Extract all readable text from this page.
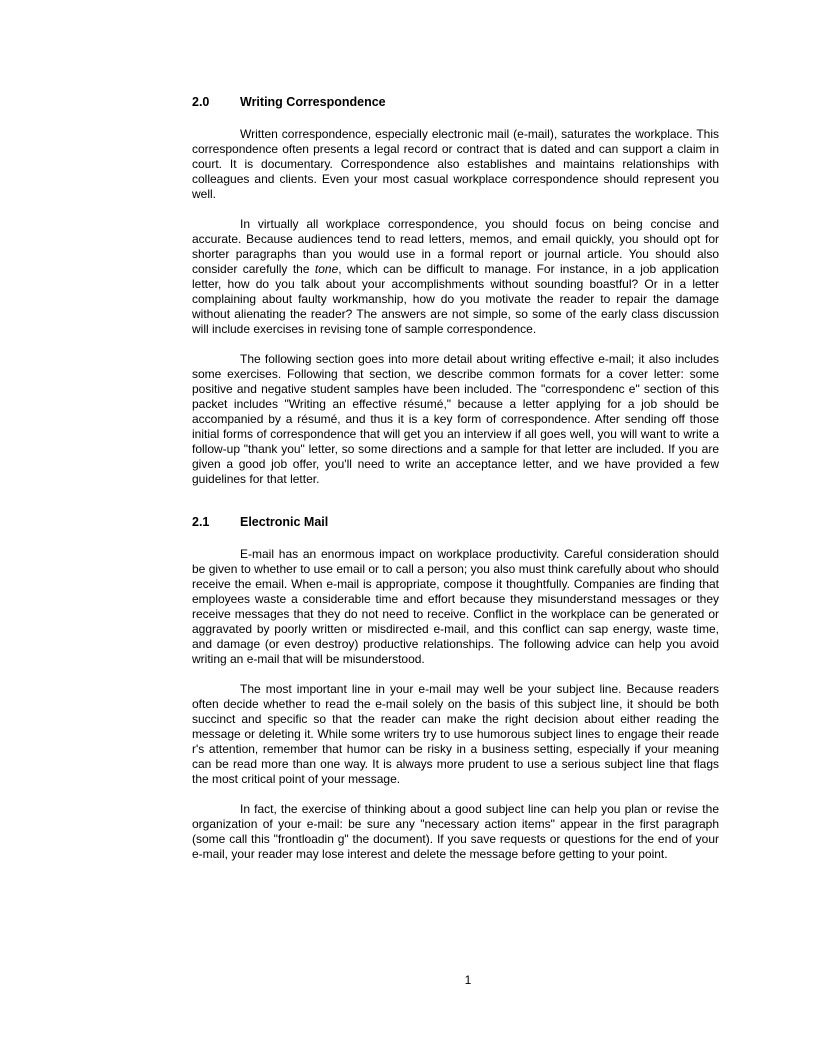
2.0	Writing Correspondence

Written correspondence, especially electronic mail (e-mail), saturates the workplace. This correspondence often presents a legal record or contract that is dated and can support a claim in court. It is documentary. Correspondence also establishes and maintains relationships with colleagues and clients. Even your most casual workplace correspondence should represent you well.

In virtually all workplace correspondence, you should focus on being concise and accurate. Because audiences tend to read letters, memos, and email quickly, you should opt for shorter paragraphs than you would use in a formal report or journal article. You should also consider carefully the tone, which can be difficult to manage. For instance, in a job application letter, how do you talk about your accomplishments without sounding boastful? Or in a letter complaining about faulty workmanship, how do you motivate the reader to repair the damage without alienating the reader? The answers are not simple, so some of the early class discussion will include exercises in revising tone of sample correspondence.

The following section goes into more detail about writing effective e-mail; it also includes some exercises. Following that section, we describe common formats for a cover letter: some positive and negative student samples have been included. The "correspondenc e" section of this packet includes "Writing an effective résumé," because a letter applying for a job should be accompanied by a résumé, and thus it is a key form of correspondence. After sending off those initial forms of correspondence that will get you an interview if all goes well, you will want to write a follow-up "thank you" letter, so some directions and a sample for that letter are included. If you are given a good job offer, you'll need to write an acceptance letter, and we have provided a few guidelines for that letter.

2.1	Electronic Mail

E-mail has an enormous impact on workplace productivity. Careful consideration should be given to whether to use email or to call a person; you also must think carefully about who should receive the email. When e-mail is appropriate, compose it thoughtfully. Companies are finding that employees waste a considerable time and effort because they misunderstand messages or they receive messages that they do not need to receive. Conflict in the workplace can be generated or aggravated by poorly written or misdirected e-mail, and this conflict can sap energy, waste time, and damage (or even destroy) productive relationships. The following advice can help you avoid writing an e-mail that will be misunderstood.

The most important line in your e-mail may well be your subject line. Because readers often decide whether to read the e-mail solely on the basis of this subject line, it should be both succinct and specific so that the reader can make the right decision about either reading the message or deleting it. While some writers try to use humorous subject lines to engage their reade r's attention, remember that humor can be risky in a business setting, especially if your meaning can be read more than one way. It is always more prudent to use a serious subject line that flags the most critical point of your message.

In fact, the exercise of thinking about a good subject line can help you plan or revise the organization of your e-mail: be sure any "necessary action items" appear in the first paragraph (some call this "frontloadin g" the document). If you save requests or questions for the end of your e-mail, your reader may lose interest and delete the message before getting to your point.

1
